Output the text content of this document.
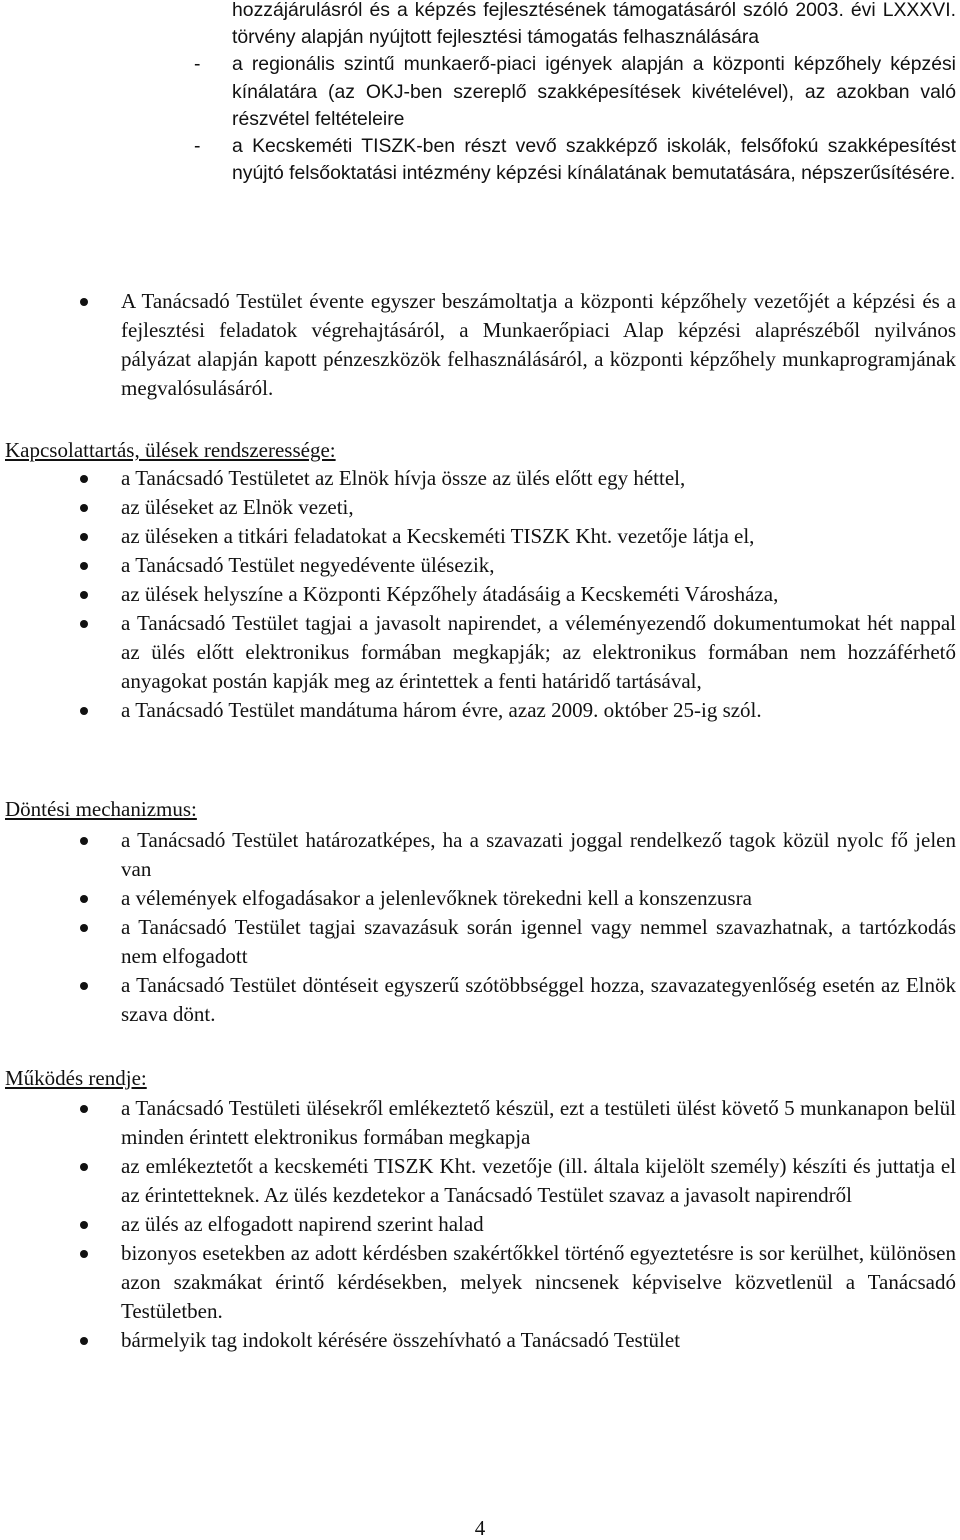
hozzájárulásról és a képzés fejlesztésének támogatásáról szóló 2003. évi LXXXVI. törvény alapján nyújtott fejlesztési támogatás felhasználására

- a regionális szintű munkaerő-piaci igények alapján a központi képzőhely képzési kínálatára (az OKJ-ben szereplő szakképesítések kivételével), az azokban való részvétel feltételeire

- a Kecskeméti TISZK-ben részt vevő szakképző iskolák, felsőfokú szakképesítést nyújtó felsőoktatási intézmény képzési kínálatának bemutatására, népszerűsítésére.

A Tanácsadó Testület évente egyszer beszámoltatja a központi képzőhely vezetőjét a képzési és a fejlesztési feladatok végrehajtásáról, a Munkaerőpiaci Alap képzési alaprészéből nyilvános pályázat alapján kapott pénzeszközök felhasználásáról, a központi képzőhely munkaprogramjának megvalósulásáról.
Kapcsolattartás, ülések rendszeressége:
a Tanácsadó Testületet az Elnök hívja össze az ülés előtt egy héttel,
az üléseket az Elnök vezeti,
az üléseken a titkári feladatokat a Kecskeméti TISZK Kht. vezetője látja el,
a Tanácsadó Testület negyedévente ülésezik,
az ülések helyszíne a Központi Képzőhely átadásáig a Kecskeméti Városháza,
a Tanácsadó Testület tagjai a javasolt napirendet, a véleményezendő dokumentumokat hét nappal az ülés előtt elektronikus formában megkapják; az elektronikus formában nem hozzáférhető anyagokat postán kapják meg az érintettek a fenti határidő tartásával,
a Tanácsadó Testület mandátuma három évre, azaz 2009. október 25-ig szól.
Döntési mechanizmus:
a Tanácsadó Testület határozatképes, ha a szavazati joggal rendelkező tagok közül nyolc fő jelen van
a vélemények elfogadásakor a jelenlevőknek törekedni kell a konszenzusra
a Tanácsadó Testület tagjai szavazásuk során igennel vagy nemmel szavazhatnak, a tartózkodás nem elfogadott
a Tanácsadó Testület döntéseit egyszerű szótöbbséggel hozza, szavazategyenlőség esetén az Elnök szava dönt.
Működés rendje:
a Tanácsadó Testületi ülésekről emlékeztető készül, ezt a testületi ülést követő 5 munkanapon belül minden érintett elektronikus formában megkapja
az emlékeztetőt a kecskeméti TISZK Kht. vezetője (ill. általa kijelölt személy) készíti és juttatja el az érintetteknek. Az ülés kezdetekor a Tanácsadó Testület szavaz a javasolt napirendről
az ülés az elfogadott napirend szerint halad
bizonyos esetekben az adott kérdésben szakértőkkel történő egyeztetésre is sor kerülhet, különösen azon szakmákat érintő kérdésekben, melyek nincsenek képviselve közvetlenül a Tanácsadó Testületben.
bármelyik tag indokolt kérésére összehívható a Tanácsadó Testület
4
